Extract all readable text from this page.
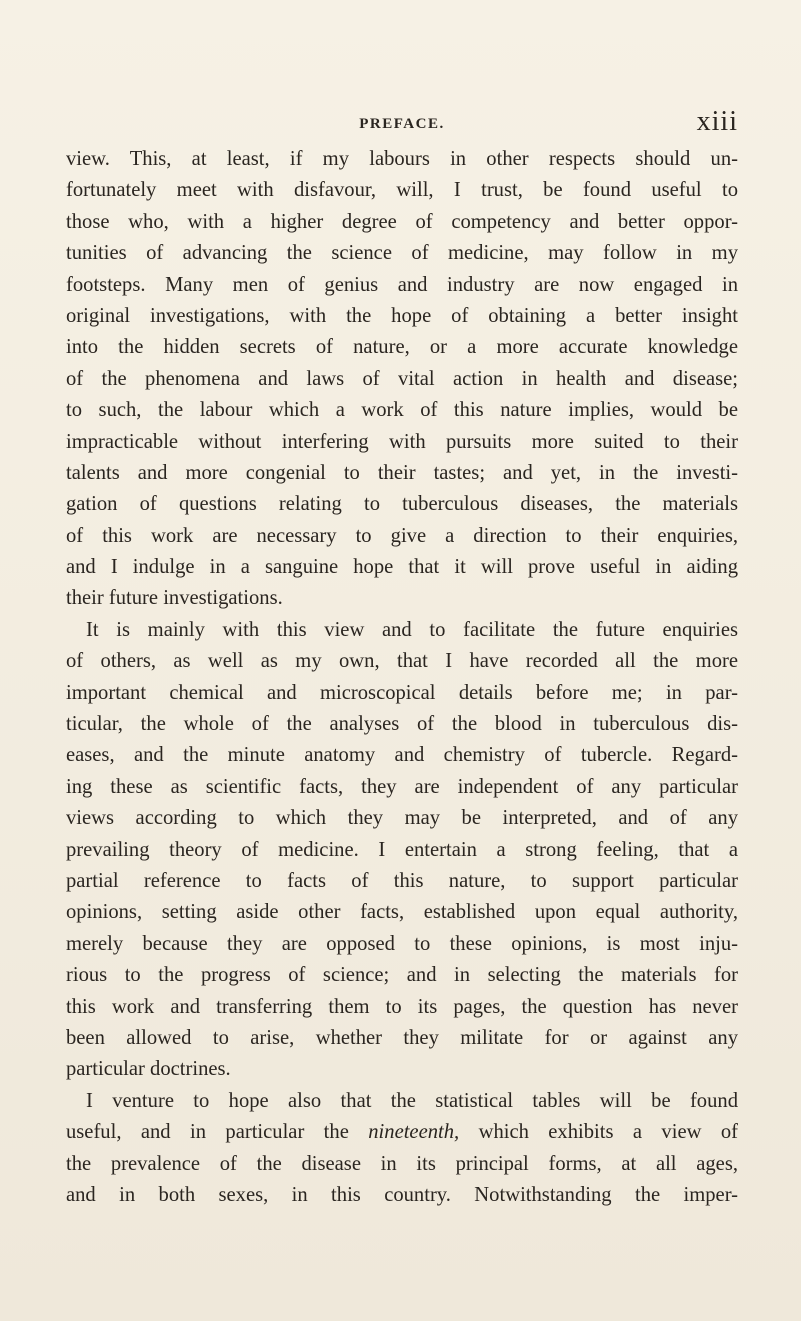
PREFACE.	xiii
view. This, at least, if my labours in other respects should un-
fortunately meet with disfavour, will, I trust, be found useful to
those who, with a higher degree of competency and better oppor-
tunities of advancing the science of medicine, may follow in my
footsteps. Many men of genius and industry are now engaged in
original investigations, with the hope of obtaining a better insight
into the hidden secrets of nature, or a more accurate knowledge
of the phenomena and laws of vital action in health and disease;
to such, the labour which a work of this nature implies, would be
impracticable without interfering with pursuits more suited to their
talents and more congenial to their tastes; and yet, in the investi-
gation of questions relating to tuberculous diseases, the materials
of this work are necessary to give a direction to their enquiries,
and I indulge in a sanguine hope that it will prove useful in aiding
their future investigations.
It is mainly with this view and to facilitate the future enquiries
of others, as well as my own, that I have recorded all the more
important chemical and microscopical details before me; in par-
ticular, the whole of the analyses of the blood in tuberculous dis-
eases, and the minute anatomy and chemistry of tubercle. Regard-
ing these as scientific facts, they are independent of any particular
views according to which they may be interpreted, and of any
prevailing theory of medicine. I entertain a strong feeling, that a
partial reference to facts of this nature, to support particular
opinions, setting aside other facts, established upon equal authority,
merely because they are opposed to these opinions, is most inju-
rious to the progress of science; and in selecting the materials for
this work and transferring them to its pages, the question has never
been allowed to arise, whether they militate for or against any
particular doctrines.
I venture to hope also that the statistical tables will be found
useful, and in particular the nineteenth, which exhibits a view of
the prevalence of the disease in its principal forms, at all ages,
and in both sexes, in this country. Notwithstanding the imper-
